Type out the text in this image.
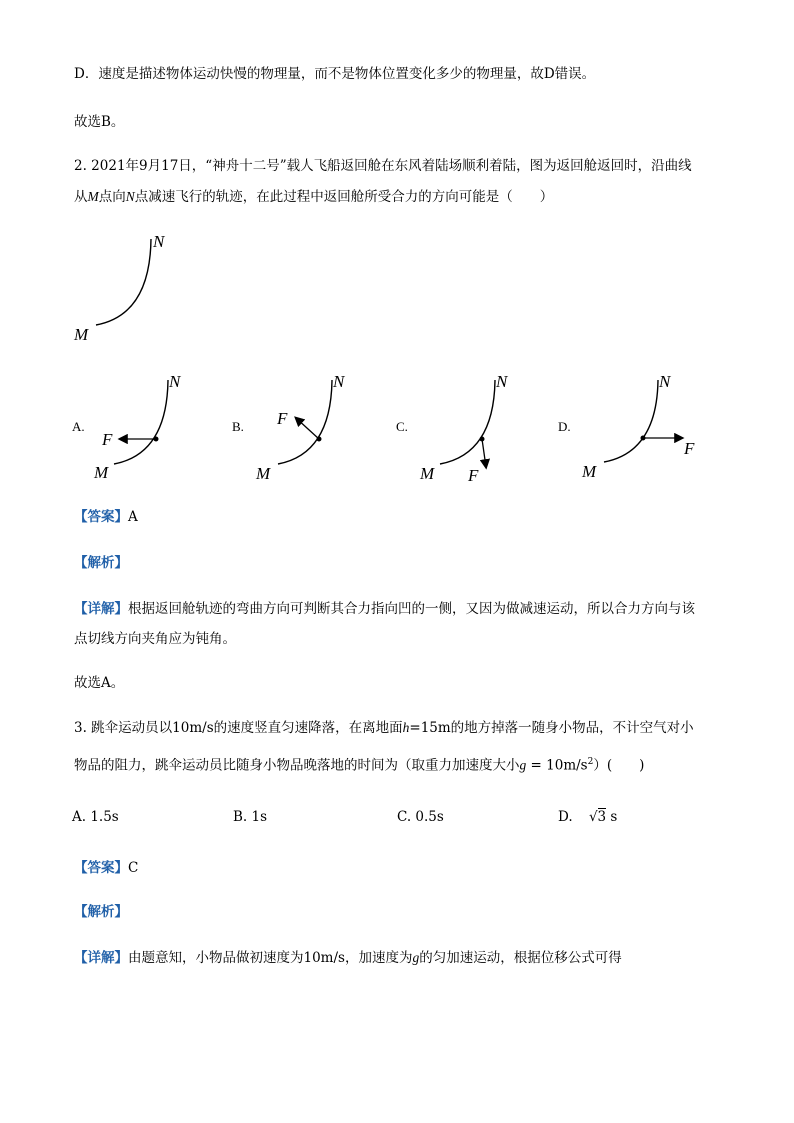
D．速度是描述物体运动快慢的物理量，而不是物体位置变化多少的物理量，故D错误。
故选B。
2. 2021年9月17日，“神舟十二号”载人飞船返回舱在东风着陆场顺利着陆，图为返回舱返回时，沿曲线
从M点向N点减速飞行的轨迹，在此过程中返回舱所受合力的方向可能是（　　）
N
M
A.
F
N
M
B. F
N
M
C.
F
N
M
D.
F
N
M
【答案】A
【解析】
【详解】根据返回舱轨迹的弯曲方向可判断其合力指向凹的一侧，又因为做减速运动，所以合力方向与该
点切线方向夹角应为钝角。
故选A。
3. 跳伞运动员以10m/s的速度竖直匀速降落，在离地面h=15m的地方掉落一随身小物品，不计空气对小
物品的阻力，跳伞运动员比随身小物品晚落地的时间为（取重力加速度大小$g = 10m/s^2$）(　　)
A. 1.5s	B. 1s	C. 0.5s	D. √3 s
【答案】C
【解析】
【详解】由题意知，小物品做初速度为10m/s，加速度为g的匀加速运动，根据位移公式可得
